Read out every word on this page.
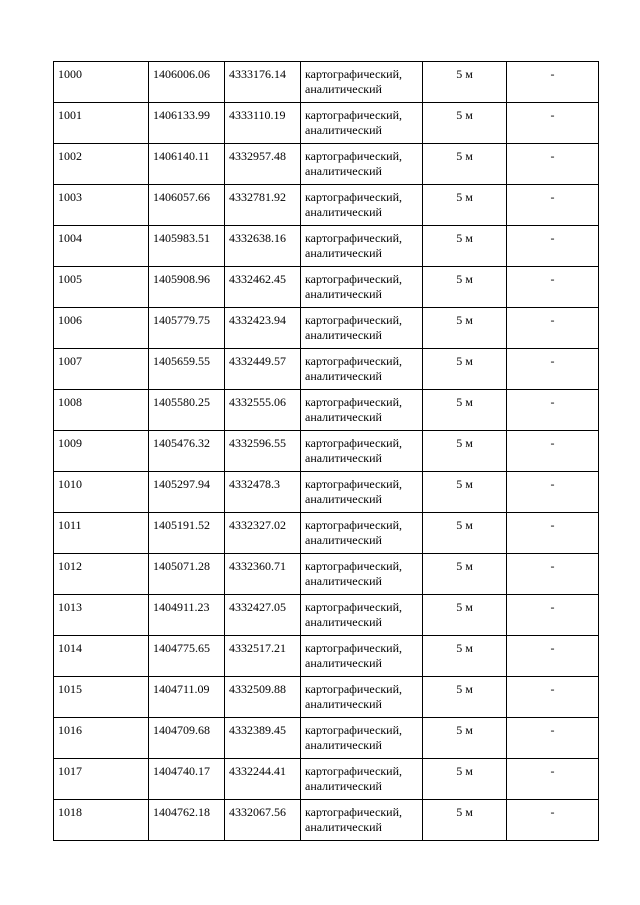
1000	1406006.06	4333176.14	картографический,
аналитический	5 м	-
1001	1406133.99	4333110.19	картографический,
аналитический	5 м	-
1002	1406140.11	4332957.48	картографический,
аналитический	5 м	-
1003	1406057.66	4332781.92	картографический,
аналитический	5 м	-
1004	1405983.51	4332638.16	картографический,
аналитический	5 м	-
1005	1405908.96	4332462.45	картографический,
аналитический	5 м	-
1006	1405779.75	4332423.94	картографический,
аналитический	5 м	-
1007	1405659.55	4332449.57	картографический,
аналитический	5 м	-
1008	1405580.25	4332555.06	картографический,
аналитический	5 м	-
1009	1405476.32	4332596.55	картографический,
аналитический	5 м	-
1010	1405297.94	4332478.3	картографический,
аналитический	5 м	-
1011	1405191.52	4332327.02	картографический,
аналитический	5 м	-
1012	1405071.28	4332360.71	картографический,
аналитический	5 м	-
1013	1404911.23	4332427.05	картографический,
аналитический	5 м	-
1014	1404775.65	4332517.21	картографический,
аналитический	5 м	-
1015	1404711.09	4332509.88	картографический,
аналитический	5 м	-
1016	1404709.68	4332389.45	картографический,
аналитический	5 м	-
1017	1404740.17	4332244.41	картографический,
аналитический	5 м	-
1018	1404762.18	4332067.56	картографический,
аналитический	5 м	-
